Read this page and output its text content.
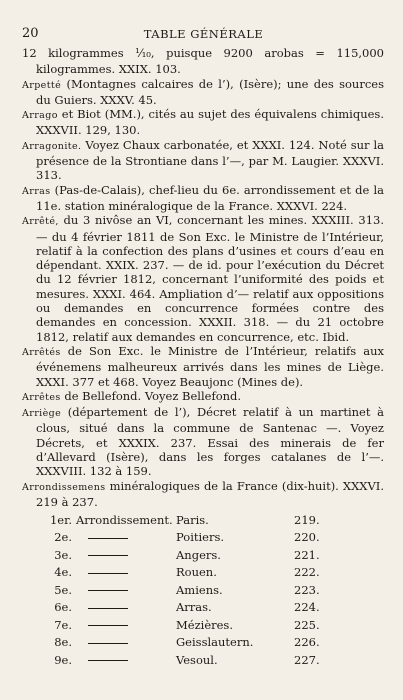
20	TABLE GÉNÉRALE

12 kilogrammes ¹⁄₁₀, puisque 9200 arobas = 115,000 kilogrammes. XXIX. 103.

Arpetté (Montagnes calcaires de l’), (Isère); une des sources du Guiers. XXXV. 45.

Arrago et Biot (MM.), cités au sujet des équivalens chimiques. XXXVII. 129, 130.

Arragonite. Voyez Chaux carbonatée, et XXXI. 124. Noté sur la présence de la Strontiane dans l’—, par M. Laugier. XXXVI. 313.

Arras (Pas-de-Calais), chef-lieu du 6e. arrondissement et de la 11e. station minéralogique de la France. XXXVI. 224.

Arrêté, du 3 nivôse an VI, concernant les mines. XXXIII. 313. — du 4 février 1811 de Son Exc. le Ministre de l’Intérieur, relatif à la confection des plans d’usines et cours d’eau en dépendant. XXIX. 237. — de id. pour l’exécution du Décret du 12 février 1812, concernant l’uniformité des poids et mesures. XXXI. 464. Ampliation d’— relatif aux oppositions ou demandes en concurrence formées contre des demandes en concession. XXXII. 318. — du 21 octobre 1812, relatif aux demandes en concurrence, etc. Ibid.

Arrêtés de Son Exc. le Ministre de l’Intérieur, relatifs aux événemens malheureux arrivés dans les mines de Liège. XXXI. 377 et 468. Voyez Beaujonc (Mines de).

Arrêtes de Bellefond. Voyez Bellefond.

Arriège (département de l’), Décret relatif à un martinet à clous, situé dans la commune de Santenac —. Voyez Décrets, et XXXIX. 237. Essai des minerais de fer d’Allevard (Isère), dans les forges catalanes de l’—. XXXVIII. 132 à 159.

Arrondissemens minéralogiques de la France (dix-huit). XXXVI. 219 à 237.

1er. Arrondissement. Paris.	219.
2e.	Poitiers.	220.
3e.	Angers.	221.
4e.	Rouen.	222.
5e.	Amiens.	223.
6e.	Arras.	224.
7e.	Mézières.	225.
8e.	Geisslautern.	226.
9e.	Vesoul.	227.
